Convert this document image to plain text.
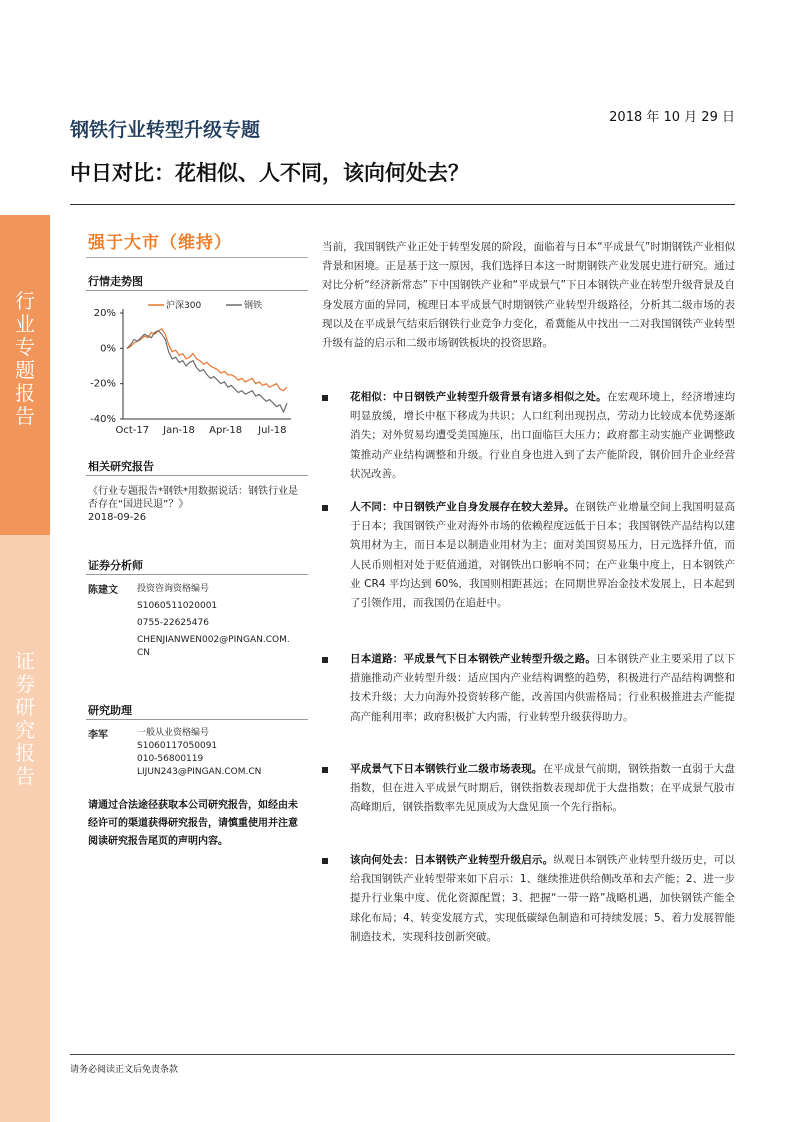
行
业
专
题
报
告
证
券
研
究
报
告
2018 年 10 月 29 日
钢铁行业转型升级专题
中日对比：花相似、人不同，该向何处去？
强于大市（维持）
行情走势图
沪深300	钢铁
20%
0%
-20%
-40%
Oct-17 Jan-18 Apr-18 Jul-18
相关研究报告
《行业专题报告*钢铁*用数据说话：钢铁行业是否存在“国进民退”？》
2018-09-26
证券分析师
陈建文 投资咨询资格编号
S1060511020001
0755-22625476
CHENJIANWEN002@PINGAN.COM.
CN
研究助理
李军	一般从业资格编号
S1060117050091
010-56800119
LIJUN243@PINGAN.COM.CN
请通过合法途径获取本公司研究报告，如经由未经许可的渠道获得研究报告，请慎重使用并注意阅读研究报告尾页的声明内容。
当前，我国钢铁产业正处于转型发展的阶段，面临着与日本“平成景气”时期钢铁产业相似背景和困境。正是基于这一原因，我们选择日本这一时期钢铁产业发展史进行研究。通过对比分析“经济新常态”下中国钢铁产业和“平成景气”下日本钢铁产业在转型升级背景及自身发展方面的异同，梳理日本平成景气时期钢铁产业转型升级路径，分析其二级市场的表现以及在平成景气结束后钢铁行业竞争力变化，希冀能从中找出一二对我国钢铁产业转型升级有益的启示和二级市场钢铁板块的投资思路。
花相似：中日钢铁产业转型升级背景有诸多相似之处。在宏观环境上，经济增速均明显放缓，增长中枢下移成为共识；人口红利出现拐点，劳动力比较成本优势逐渐消失；对外贸易均遭受美国施压，出口面临巨大压力；政府都主动实施产业调整政策推动产业结构调整和升级。行业自身也进入到了去产能阶段，钢价回升企业经营状况改善。
人不同：中日钢铁产业自身发展存在较大差异。在钢铁产业增量空间上我国明显高于日本；我国钢铁产业对海外市场的依赖程度远低于日本；我国钢铁产品结构以建筑用材为主，而日本是以制造业用材为主；面对美国贸易压力，日元选择升值，而人民币则相对处于贬值通道，对钢铁出口影响不同；在产业集中度上，日本钢铁产业 CR4 平均达到 60%，我国则相距甚远；在同期世界冶金技术发展上，日本起到了引领作用，而我国仍在追赶中。
日本道路：平成景气下日本钢铁产业转型升级之路。日本钢铁产业主要采用了以下措施推动产业转型升级：适应国内产业结构调整的趋势，积极进行产品结构调整和技术升级；大力向海外投资转移产能，改善国内供需格局；行业积极推进去产能提高产能利用率；政府积极扩大内需，行业转型升级获得助力。
平成景气下日本钢铁行业二级市场表现。在平成景气前期，钢铁指数一直弱于大盘指数，但在进入平成景气时期后，钢铁指数表现却优于大盘指数；在平成景气股市高峰期后，钢铁指数率先见顶成为大盘见顶一个先行指标。
该向何处去：日本钢铁产业转型升级启示。纵观日本钢铁产业转型升级历史，可以给我国钢铁产业转型带来如下启示：1、继续推进供给侧改革和去产能；2、进一步提升行业集中度、优化资源配置；3、把握“一带一路”战略机遇，加快钢铁产能全球化布局；4、转变发展方式，实现低碳绿色制造和可持续发展；5、着力发展智能制造技术，实现科技创新突破。
请务必阅读正文后免责条款
